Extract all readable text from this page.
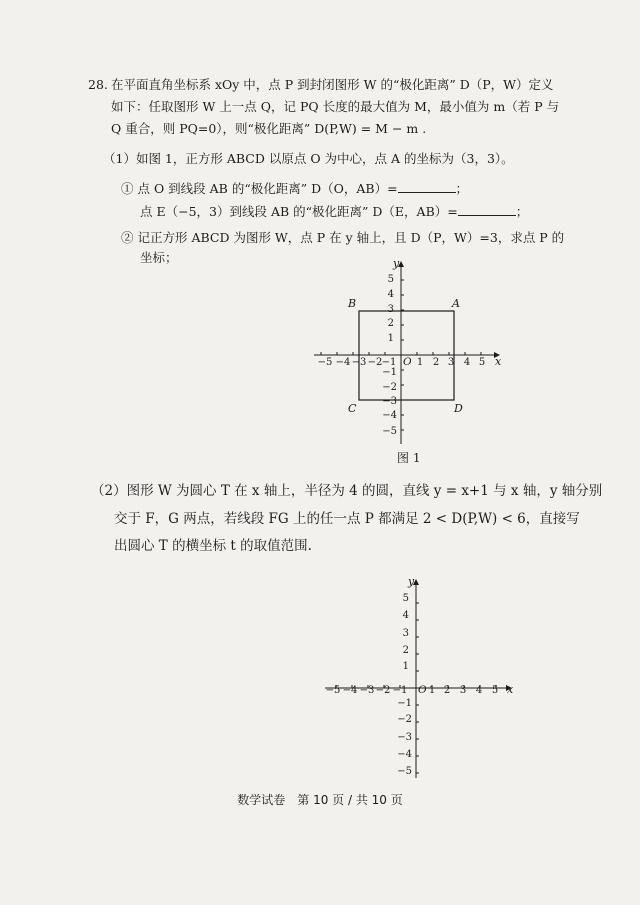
28. 在平面直角坐标系 xOy 中，点 P 到封闭图形 W 的“极化距离” D（P，W）定义
如下：任取图形 W 上一点 Q，记 PQ 长度的最大值为 M，最小值为 m（若 P 与
Q 重合，则 PQ=0），则“极化距离” D(P,W) = M − m .
（1）如图 1，正方形 ABCD 以原点 O 为中心，点 A 的坐标为（3，3）。
① 点 O 到线段 AB 的“极化距离” D（O，AB）=	；
点 E（−5，3）到线段 AB 的“极化距离” D（E，AB）=	；
② 记正方形 ABCD 为图形 W，点 P 在 y 轴上，且 D（P，W）=3，求点 P 的
坐标；
−5 −4 −3 −2 −1 1 2 3 4 5 x
1
2
3
4
5
−1
−2
−3
−4
−5
y
O
A
B
C	D
图 1
（2）图形 W 为圆心 T 在 x 轴上，半径为 4 的圆，直线 y = x+1 与 x 轴，y 轴分别
交于 F，G 两点，若线段 FG 上的任一点 P 都满足 2 < D(P,W) < 6，直接写
出圆心 T 的横坐标 t 的取值范围.
−5 −4 −3 −2 −1 1 2 3 4 5 x
1
2
3
4
5
−1
−2
−3
−4
−5
y
O
数学试卷　第 10 页 / 共 10 页
